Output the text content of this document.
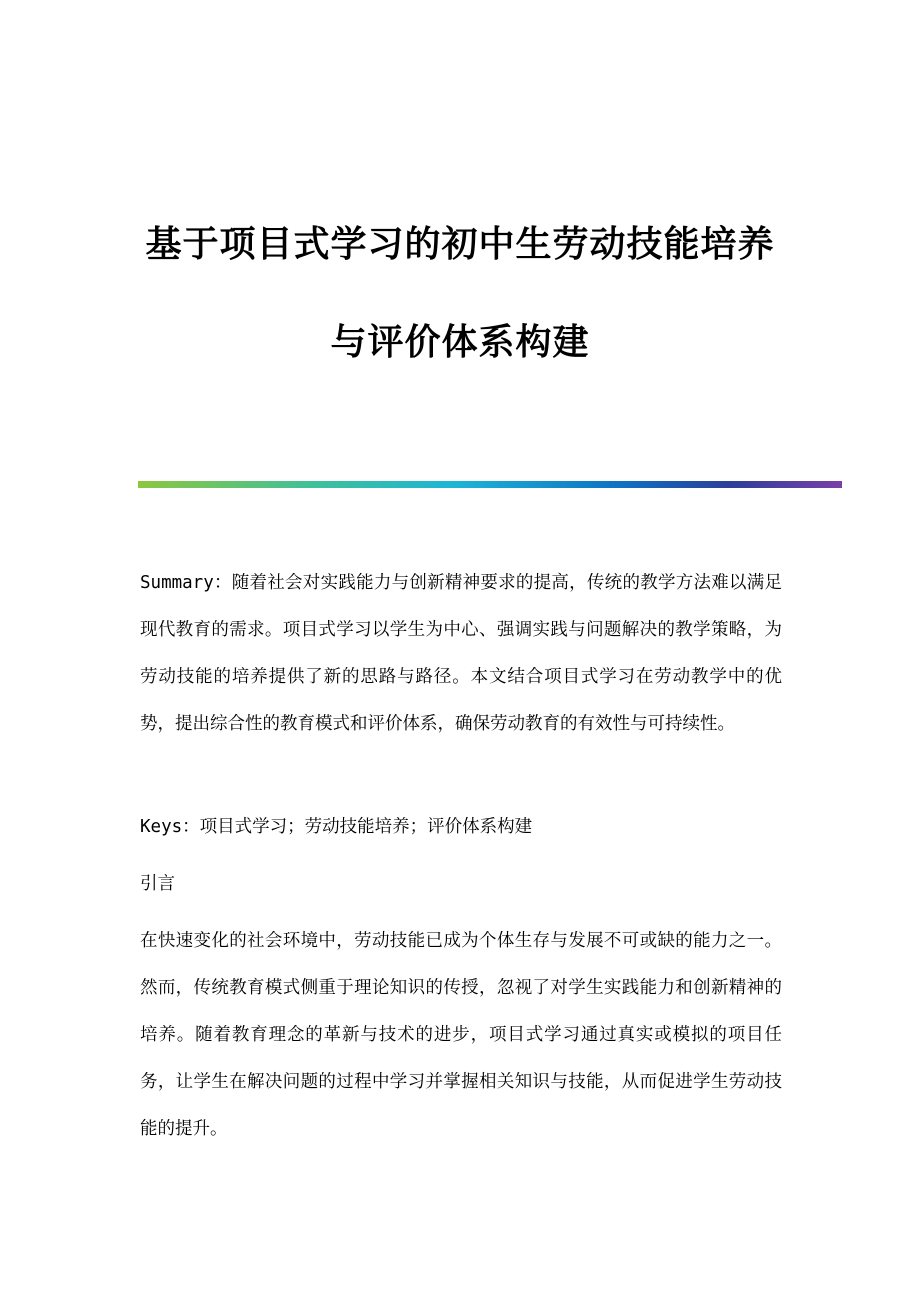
基于项目式学习的初中生劳动技能培养
与评价体系构建
Summary：随着社会对实践能力与创新精神要求的提高，传统的教学方法难以满足现代教育的需求。项目式学习以学生为中心、强调实践与问题解决的教学策略，为劳动技能的培养提供了新的思路与路径。本文结合项目式学习在劳动教学中的优势，提出综合性的教育模式和评价体系，确保劳动教育的有效性与可持续性。
Keys：项目式学习；劳动技能培养；评价体系构建
引言
在快速变化的社会环境中，劳动技能已成为个体生存与发展不可或缺的能力之一。然而，传统教育模式侧重于理论知识的传授，忽视了对学生实践能力和创新精神的培养。随着教育理念的革新与技术的进步，项目式学习通过真实或模拟的项目任务，让学生在解决问题的过程中学习并掌握相关知识与技能，从而促进学生劳动技能的提升。
